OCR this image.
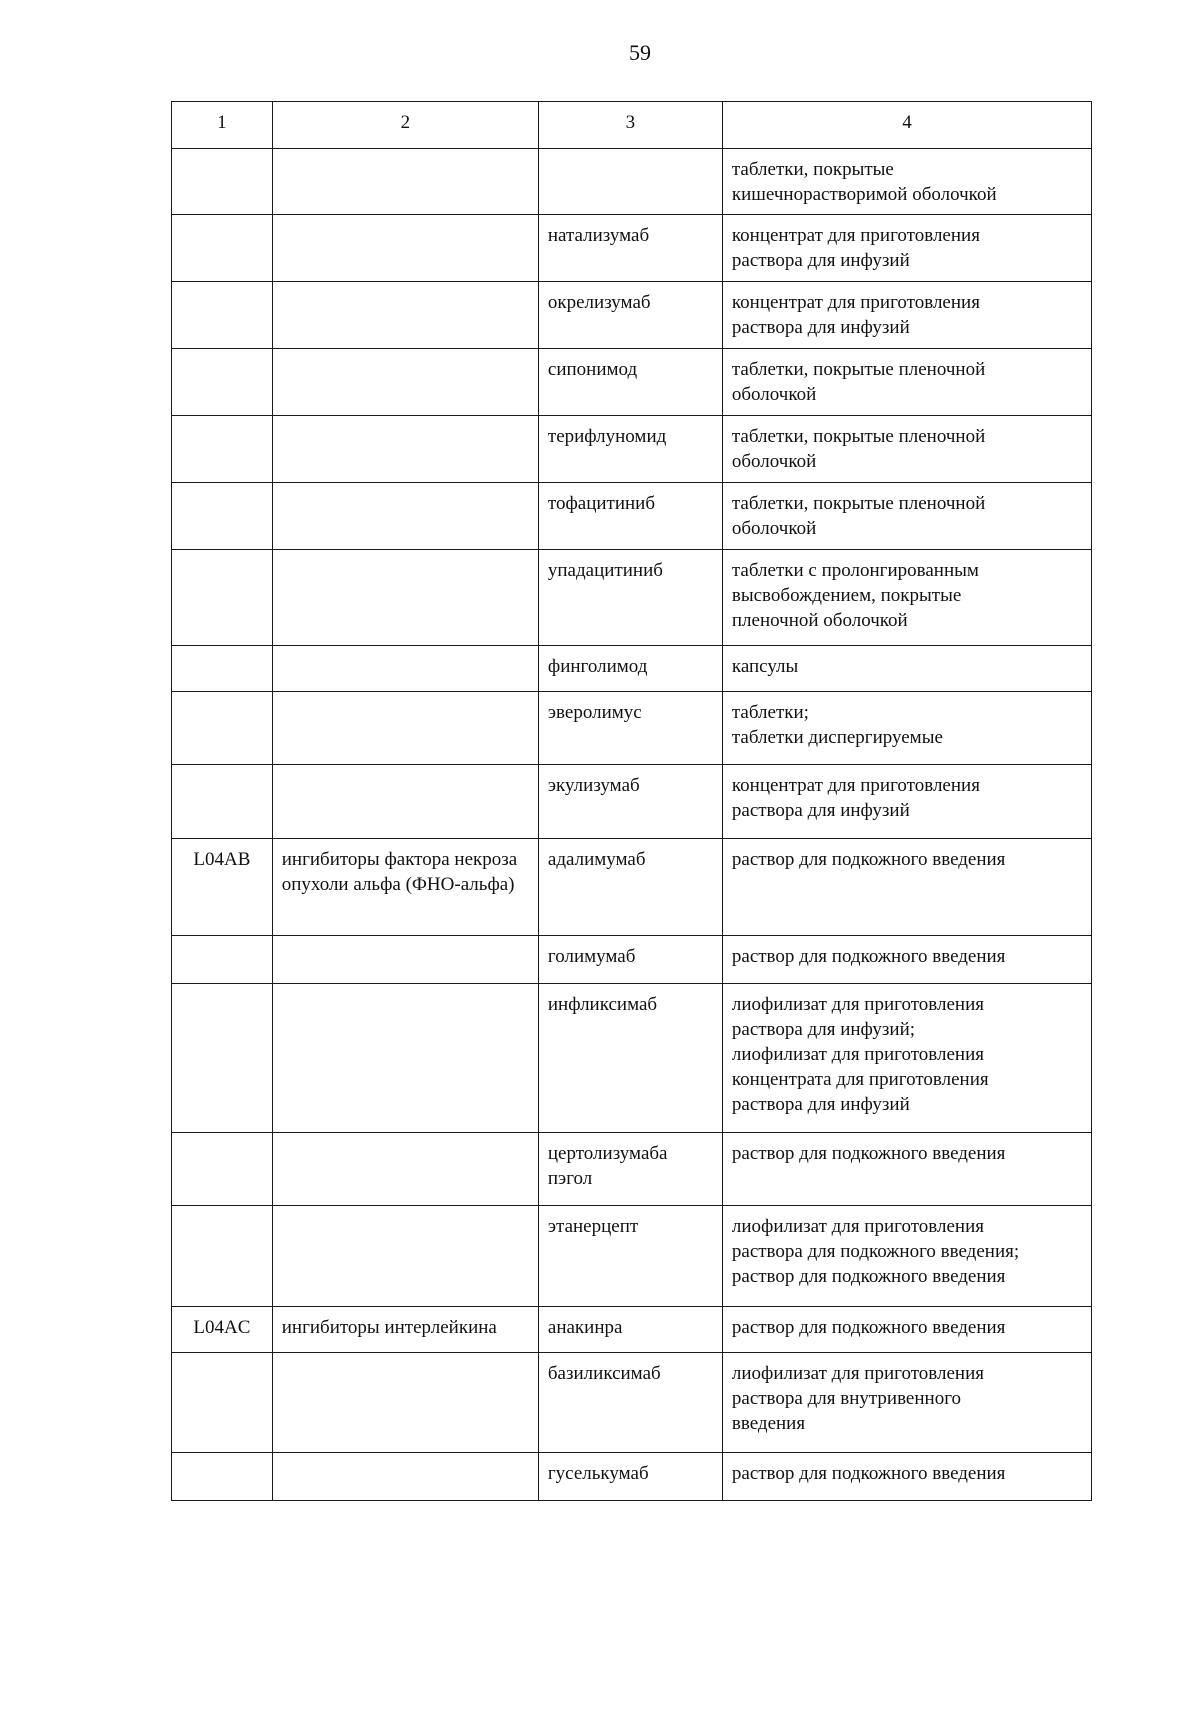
59
1	2	3	4
			таблетки, покрытые
кишечнорастворимой оболочкой
		натализумаб	концентрат для приготовления
раствора для инфузий
		окрелизумаб	концентрат для приготовления
раствора для инфузий
		сипонимод	таблетки, покрытые пленочной
оболочкой
		терифлуномид	таблетки, покрытые пленочной
оболочкой
		тофацитиниб	таблетки, покрытые пленочной
оболочкой
		упадацитиниб	таблетки с пролонгированным
высвобождением, покрытые
пленочной оболочкой
		финголимод	капсулы
		эверолимус	таблетки;
таблетки диспергируемые
		экулизумаб	концентрат для приготовления
раствора для инфузий
L04AB	ингибиторы фактора некроза опухоли альфа (ФНО-альфа)	адалимумаб	раствор для подкожного введения
		голимумаб	раствор для подкожного введения
		инфликсимаб	лиофилизат для приготовления
раствора для инфузий;
лиофилизат для приготовления
концентрата для приготовления
раствора для инфузий
		цертолизумаба пэгол	раствор для подкожного введения
		этанерцепт	лиофилизат для приготовления
раствора для подкожного введения;
раствор для подкожного введения
L04AC	ингибиторы интерлейкина	анакинра	раствор для подкожного введения
		базиликсимаб	лиофилизат для приготовления
раствора для внутривенного
введения
		гуселькумаб	раствор для подкожного введения
